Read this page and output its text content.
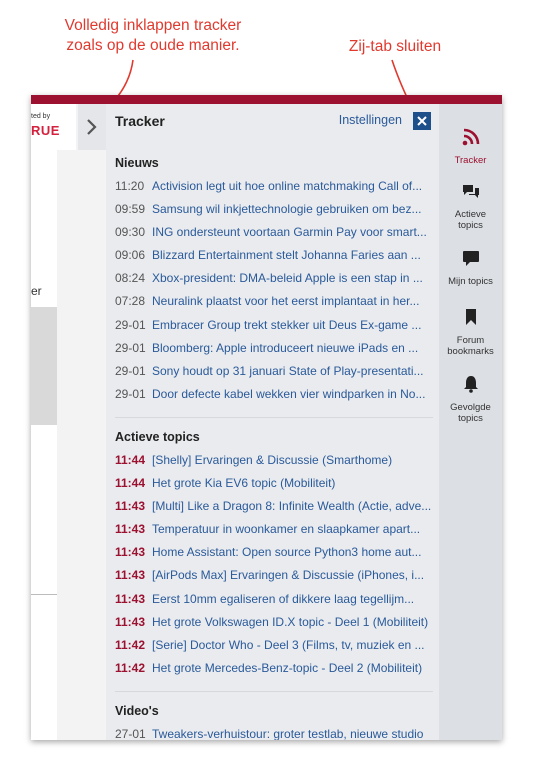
Volledig inklappen tracker
zoals op de oude manier.	Zij-tab sluiten
ted by
RUE
er
Tracker	Instellingen
Nieuws
11:20 Activision legt uit hoe online matchmaking Call of...
09:59 Samsung wil inkjettechnologie gebruiken om bez...
09:30 ING ondersteunt voortaan Garmin Pay voor smart...
09:06 Blizzard Entertainment stelt Johanna Faries aan ...
08:24 Xbox-president: DMA-beleid Apple is een stap in ...
07:28 Neuralink plaatst voor het eerst implantaat in her...
29-01 Embracer Group trekt stekker uit Deus Ex-game ...
29-01 Bloomberg: Apple introduceert nieuwe iPads en ...
29-01 Sony houdt op 31 januari State of Play-presentati...
29-01 Door defecte kabel wekken vier windparken in No...
Actieve topics
11:44 [Shelly] Ervaringen & Discussie (Smarthome)
11:44 Het grote Kia EV6 topic (Mobiliteit)
11:43 [Multi] Like a Dragon 8: Infinite Wealth (Actie, adve...
11:43 Temperatuur in woonkamer en slaapkamer apart...
11:43 Home Assistant: Open source Python3 home aut...
11:43 [AirPods Max] Ervaringen & Discussie (iPhones, i...
11:43 Eerst 10mm egaliseren of dikkere laag tegellijm...
11:43 Het grote Volkswagen ID.X topic - Deel 1 (Mobiliteit)
11:42 [Serie] Doctor Who - Deel 3 (Films, tv, muziek en ...
11:42 Het grote Mercedes-Benz-topic - Deel 2 (Mobiliteit)
Video's
27-01 Tweakers-verhuistour: groter testlab, nieuwe studio
Tracker
Actieve
topics
Mijn topics
Forum
bookmarks
Gevolgde
topics
